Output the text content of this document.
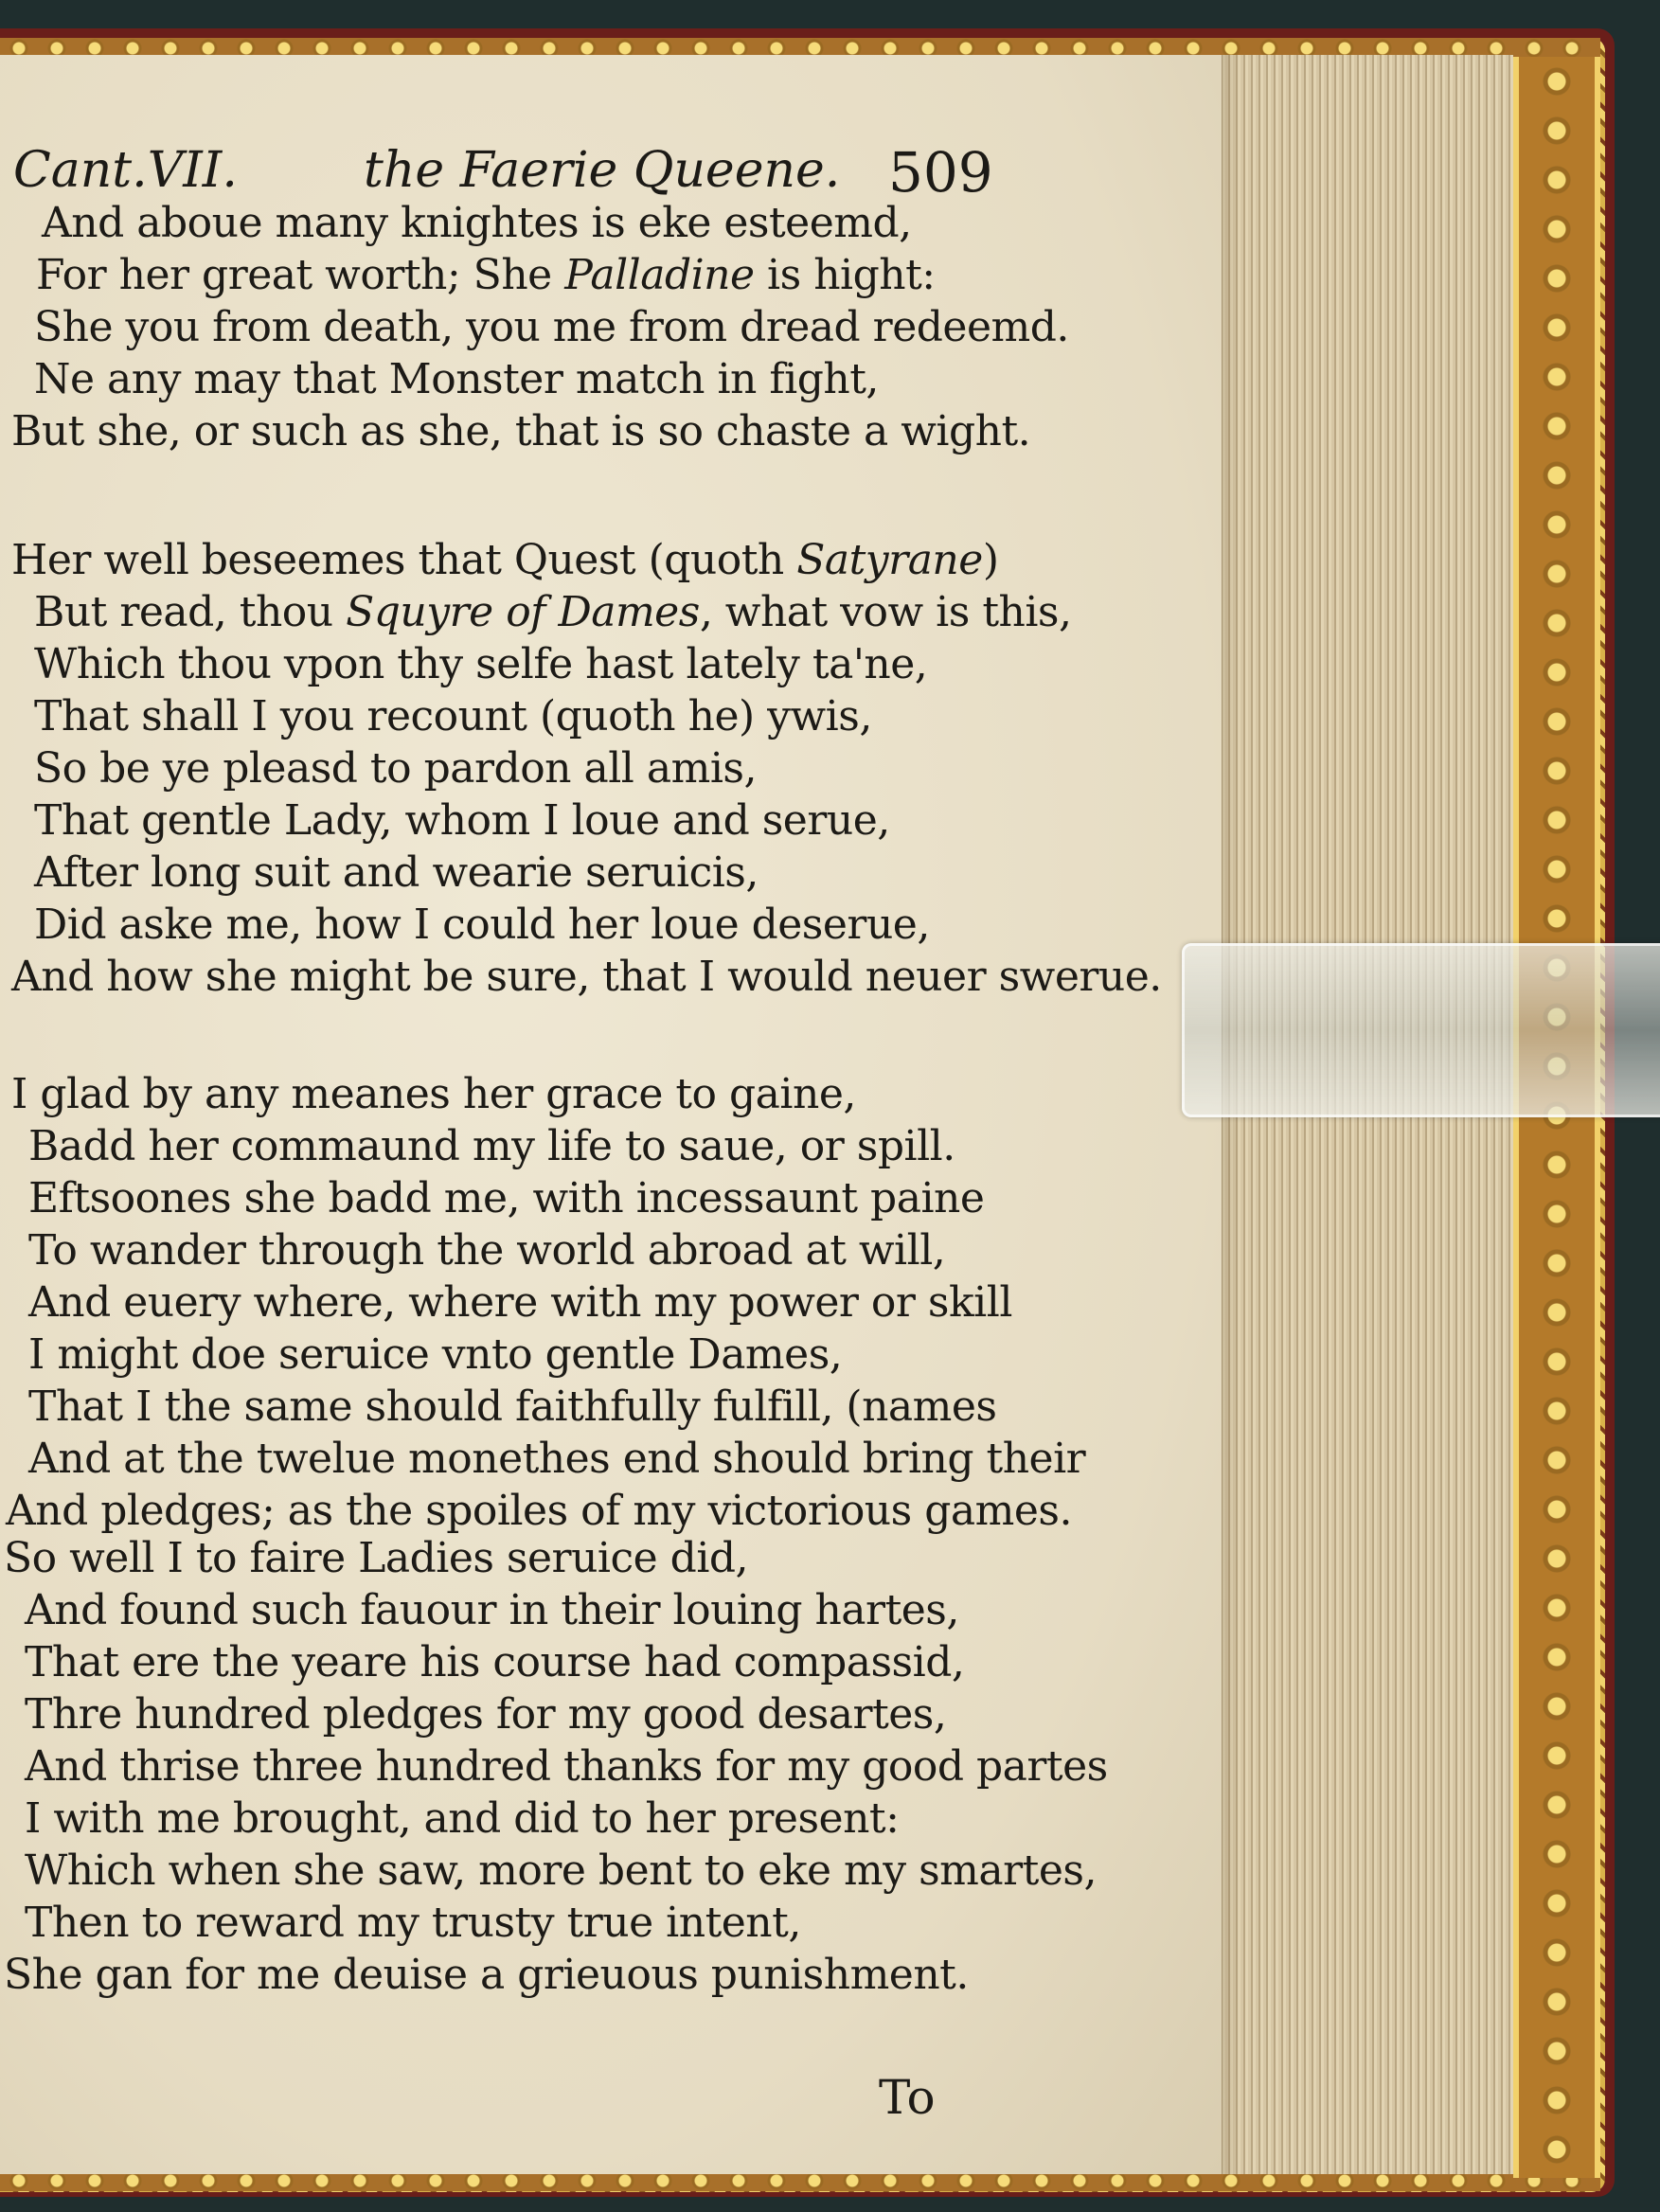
Cant.VII.	the Faerie Queene. 509
And aboue many knightes is eke esteemd,
For her great worth; She Palladine is hight:
She you from death, you me from dread redeemd.
Ne any may that Monster match in fight,
But she, or such as she, that is so chaste a wight.
Her well beseemes that Quest (quoth Satyrane)
But read, thou Squyre of Dames, what vow is this,
Which thou vpon thy selfe hast lately ta'ne,
That shall I you recount (quoth he) ywis,
So be ye pleasd to pardon all amis,
That gentle Lady, whom I loue and serue,
After long suit and wearie seruicis,
Did aske me, how I could her loue deserue,
And how she might be sure, that I would neuer swerue.
I glad by any meanes her grace to gaine,
Badd her commaund my life to saue, or spill.
Eftsoones she badd me, with incessaunt paine
To wander through the world abroad at will,
And euery where, where with my power or skill
I might doe seruice vnto gentle Dames,
That I the same should faithfully fulfill, (names
And at the twelue monethes end should bring their
And pledges; as the spoiles of my victorious games.
So well I to faire Ladies seruice did,
And found such fauour in their louing hartes,
That ere the yeare his course had compassid,
Thre hundred pledges for my good desartes,
And thrise three hundred thanks for my good partes
I with me brought, and did to her present:
Which when she saw, more bent to eke my smartes,
Then to reward my trusty true intent,
She gan for me deuise a grieuous punishment.
To
